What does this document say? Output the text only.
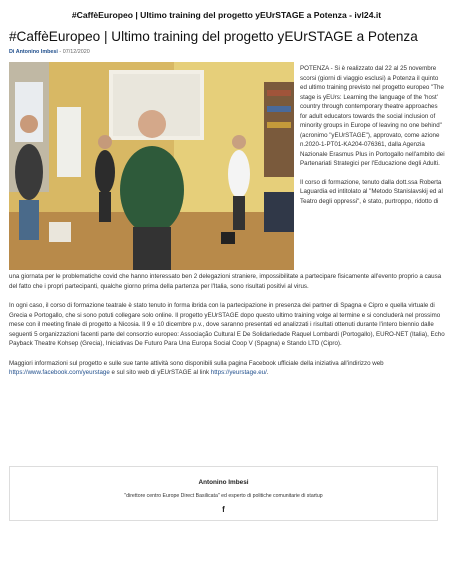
#CaffèEuropeo | Ultimo training del progetto yEUrSTAGE a Potenza - ivl24.it
#CaffèEuropeo | Ultimo training del progetto yEUrSTAGE a Potenza
Di Antonino Imbesi - 07/12/2020

POTENZA - Si è realizzato dal 22 al 25 novembre scorsi (giorni di viaggio esclusi) a Potenza il quinto ed ultimo training previsto nel progetto europeo "The stage is yEUrs: Learning the language of the 'host' country through contemporary theatre approaches for adult educators towards the social inclusion of minority groups in Europe of leaving no one behind" (acronimo "yEUrSTAGE"), approvato, come azione n.2020-1-PT01-KA204-076361, dalla Agenzia Nazionale Erasmus Plus in Portogallo nell'ambito dei Partenariati Strategici per l'Educazione degli Adulti.

Il corso di formazione, tenuto dalla dott.ssa Roberta Laguardia ed intitolato al "Metodo Stanislavskij ed al Teatro degli oppressi", è stato, purtroppo, ridotto di

una giornata per le problematiche covid che hanno interessato ben 2 delegazioni straniere, impossibilitate a partecipare fisicamente all'evento proprio a causa del fatto che i propri partecipanti, qualche giorno prima della partenza per l'Italia, sono risultati positivi al virus.

In ogni caso, il corso di formazione teatrale è stato tenuto in forma ibrida con la partecipazione in presenza dei partner di Spagna e Cipro e quella virtuale di Grecia e Portogallo, che si sono potuti collegare solo online. Il progetto yEUrSTAGE dopo questo ultimo training volge al termine e si concluderà nel prossimo mese con il meeting finale di progetto a Nicosia. Il 9 e 10 dicembre p.v., dove saranno presentati ed analizzati i risultati ottenuti durante l'intero biennio dalle seguenti 5 organizzazioni facenti parte del consorzio europeo: Associação Cultural E De Solidariedade Raquel Lombardi (Portogallo), EURO-NET (Italia), Echo Payback Theatre Kohsep (Grecia), Iniciativas De Futuro Para Una Europa Social Coop V (Spagna) e Stando LTD (Cipro).

Maggiori informazioni sul progetto e sulle sue tante attività sono disponibili sulla pagina Facebook ufficiale della iniziativa all'indirizzo web https://www.facebook.com/yeurstage e sul sito web di yEUrSTAGE al link https://yeurstage.eu/.

Antonino Imbesi
"direttore centro Europe Direct Basilicata" ed esperto di politiche comunitarie di startup
f
